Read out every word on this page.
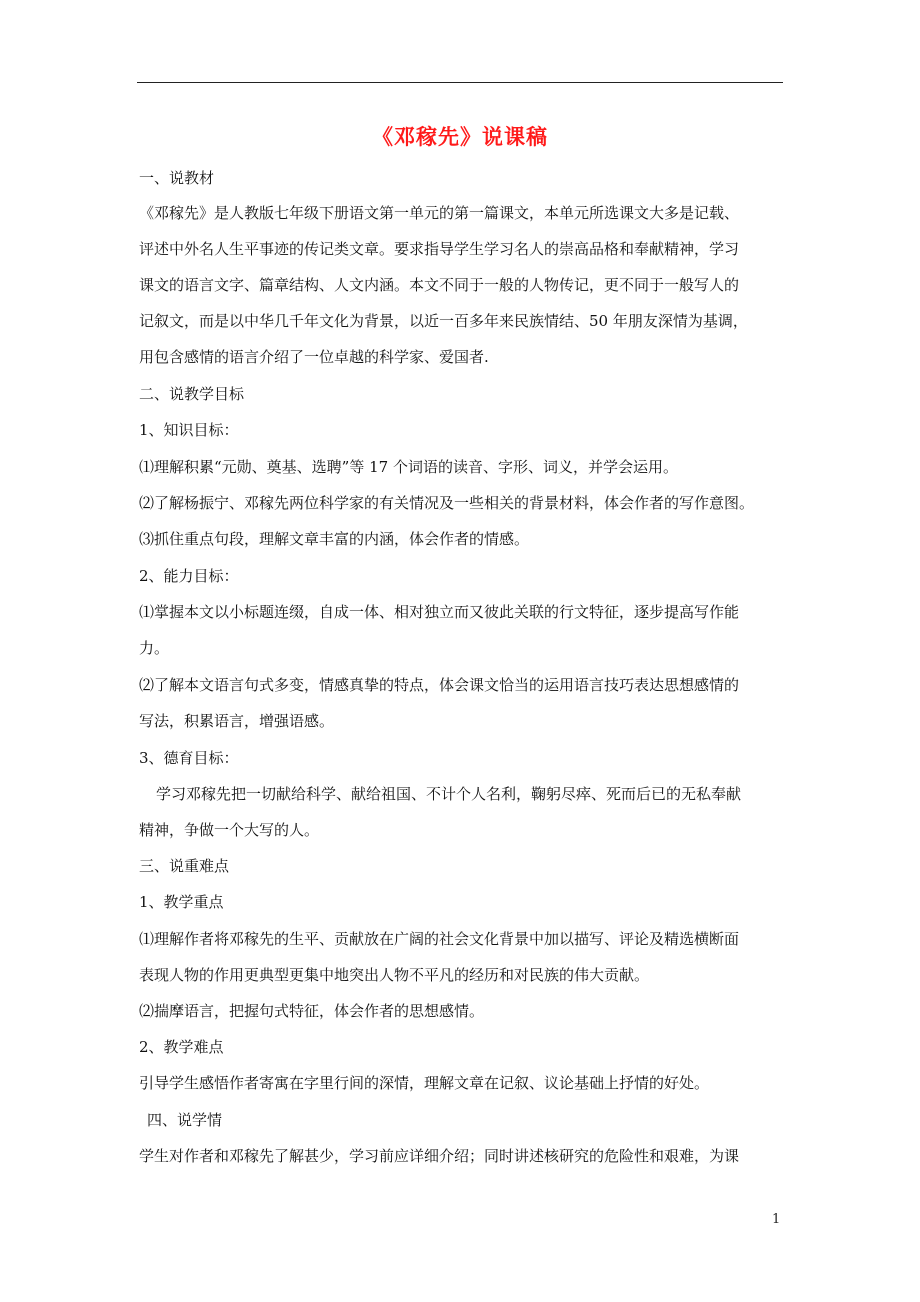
《邓稼先》说课稿
一、说教材
《邓稼先》是人教版七年级下册语文第一单元的第一篇课文，本单元所选课文大多是记载、
评述中外名人生平事迹的传记类文章。要求指导学生学习名人的崇高品格和奉献精神，学习
课文的语言文字、篇章结构、人文内涵。本文不同于一般的人物传记，更不同于一般写人的
记叙文，而是以中华几千年文化为背景，以近一百多年来民族情结、50 年朋友深情为基调，
用包含感情的语言介绍了一位卓越的科学家、爱国者.
二、说教学目标
1、知识目标：
⑴理解积累“元勋、奠基、选聘”等 17 个词语的读音、字形、词义，并学会运用。
⑵了解杨振宁、邓稼先两位科学家的有关情况及一些相关的背景材料，体会作者的写作意图。
⑶抓住重点句段，理解文章丰富的内涵，体会作者的情感。
2、能力目标：
⑴掌握本文以小标题连缀，自成一体、相对独立而又彼此关联的行文特征，逐步提高写作能
力。
⑵了解本文语言句式多变，情感真挚的特点，体会课文恰当的运用语言技巧表达思想感情的
写法，积累语言，增强语感。
3、德育目标：
学习邓稼先把一切献给科学、献给祖国、不计个人名利，鞠躬尽瘁、死而后已的无私奉献
精神，争做一个大写的人。
三、说重难点
1、教学重点
⑴理解作者将邓稼先的生平、贡献放在广阔的社会文化背景中加以描写、评论及精选横断面
表现人物的作用更典型更集中地突出人物不平凡的经历和对民族的伟大贡献。
⑵揣摩语言，把握句式特征，体会作者的思想感情。
2、教学难点
引导学生感悟作者寄寓在字里行间的深情，理解文章在记叙、议论基础上抒情的好处。
四、说学情
学生对作者和邓稼先了解甚少，学习前应详细介绍；同时讲述核研究的危险性和艰难，为课
1
